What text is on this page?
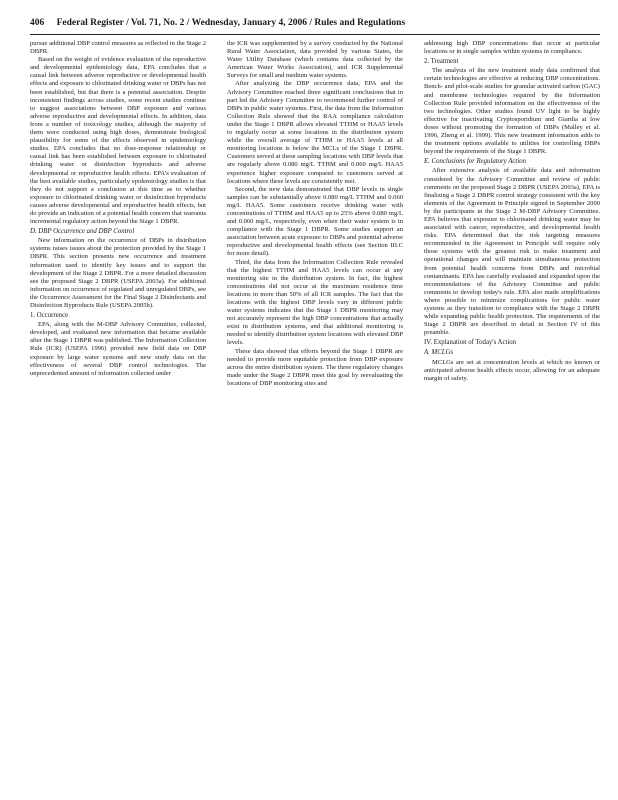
406 Federal Register / Vol. 71, No. 2 / Wednesday, January 4, 2006 / Rules and Regulations

pursue additional DBP control measures as reflected in the Stage 2 DBPR.

Based on the weight of evidence evaluation of the reproductive and developmental epidemiology data, EPA concludes that a causal link between adverse reproductive or developmental health effects and exposure to chlorinated drinking water or DBPs has not been established, but that there is a potential association. Despite inconsistent findings across studies, some recent studies continue to suggest associations between DBP exposure and various adverse reproductive and developmental effects. In addition, data from a number of toxicology studies, although the majority of them were conducted using high doses, demonstrate biological plausibility for some of the effects observed in epidemiology studies. EPA concludes that no dose-response relationship or causal link has been established between exposure to chlorinated drinking water or disinfection byproducts and adverse developmental or reproductive health effects. EPA's evaluation of the best available studies, particularly epidemiology studies is that they do not support a conclusion at this time as to whether exposure to chlorinated drinking water or disinfection byproducts causes adverse developmental and reproductive health effects, but do provide an indication of a potential health concern that warrants incremental regulatory action beyond the Stage 1 DBPR.

D. DBP Occurrence and DBP Control

New information on the occurrence of DBPs in distribution systems raises issues about the protection provided by the Stage 1 DBPR. This section presents new occurrence and treatment information used to identify key issues and to support the development of the Stage 2 DBPR. For a more detailed discussion see the proposed Stage 2 DBPR (USEPA 2003a). For additional information on occurrence of regulated and unregulated DBPs, see the Occurrence Assessment for the Final Stage 2 Disinfectants and Disinfection Byproducts Rule (USEPA 2005h).

1. Occurrence

EPA, along with the M-DBP Advisory Committee, collected, developed, and evaluated new information that became available after the Stage 1 DBPR was published. The Information Collection Rule (ICR) (USEPA 1996) provided new field data on DBP exposure by large water systems and new study data on the effectiveness of several DBP control technologies. The unprecedented amount of information collected under

the ICR was supplemented by a survey conducted by the National Rural Water Association, data provided by various States, the Water Utility Database (which contains data collected by the American Water Works Association), and ICR Supplemental Surveys for small and medium water systems.

After analyzing the DBP occurrence data, EPA and the Advisory Committee reached three significant conclusions that in part led the Advisory Committee to recommend further control of DBPs in public water systems. First, the data from the Information Collection Rule showed that the RAA compliance calculation under the Stage 1 DBPR allows elevated TTHM or HAA5 levels to regularly occur at some locations in the distribution system while the overall average of TTHM or HAA5 levels at all monitoring locations is below the MCLs of the Stage 1 DBPR. Customers served at these sampling locations with DBP levels that are regularly above 0.080 mg/L TTHM and 0.060 mg/L HAA5 experience higher exposure compared to customers served at locations where these levels are consistently met.

Second, the new data demonstrated that DBP levels in single samples can be substantially above 0.080 mg/L TTHM and 0.060 mg/L HAA5. Some customers receive drinking water with concentrations of TTHM and HAA5 up to 25% above 0.080 mg/L and 0.060 mg/L, respectively, even when their water system is in compliance with the Stage 1 DBPR. Some studies support an association between acute exposure to DBPs and potential adverse reproductive and developmental health effects (see Section III.C for more detail).

Third, the data from the Information Collection Rule revealed that the highest TTHM and HAA5 levels can occur at any monitoring site in the distribution system. In fact, the highest concentrations did not occur at the maximum residence time locations in more than 50% of all ICR samples. The fact that the locations with the highest DBP levels vary in different public water systems indicates that the Stage 1 DBPR monitoring may not accurately represent the high DBP concentrations that actually exist in distribution systems, and that additional monitoring is needed to identify distribution system locations with elevated DBP levels.

These data showed that efforts beyond the Stage 1 DBPR are needed to provide more equitable protection from DBP exposure across the entire distribution system. The three regulatory changes made under the Stage 2 DBPR meet this goal by reevaluating the locations of DBP monitoring sites and

addressing high DBP concentrations that occur at particular locations or in single samples within systems in compliance.

2. Treatment

The analysis of the new treatment study data confirmed that certain technologies are effective at reducing DBP concentrations. Bench- and pilot-scale studies for granular activated carbon (GAC) and membrane technologies required by the Information Collection Rule provided information on the effectiveness of the two technologies. Other studies found UV light to be highly effective for inactivating Cryptosporidium and Giardia at low doses without promoting the formation of DBPs (Malley et al. 1996, Zheng et al. 1999). This new treatment information adds to the treatment options available to utilities for controlling DBPs beyond the requirements of the Stage 1 DBPR.

E. Conclusions for Regulatory Action

After extensive analysis of available data and information considered by the Advisory Committee and review of public comments on the proposed Stage 2 DBPR (USEPA 2003a), EPA is finalizing a Stage 2 DBPR control strategy consistent with the key elements of the Agreement in Principle signed in September 2000 by the participants in the Stage 2 M-DBP Advisory Committee. EPA believes that exposure to chlorinated drinking water may be associated with cancer, reproductive, and developmental health risks. EPA determined that the risk targeting measures recommended in the Agreement in Principle will require only those systems with the greatest risk to make treatment and operational changes and will maintain simultaneous protection from potential health concerns from DBPs and microbial contaminants. EPA has carefully evaluated and expanded upon the recommendations of the Advisory Committee and public comments to develop today's rule. EPA also made simplifications where possible to minimize complications for public water systems as they transition to compliance with the Stage 2 DBPR while expanding public health protection. The requirements of the Stage 2 DBPR are described in detail in Section IV of this preamble.

IV. Explanation of Today's Action
A. MCLGs

MCLGs are set at concentration levels at which no known or anticipated adverse health effects occur, allowing for an adequate margin of safety.
